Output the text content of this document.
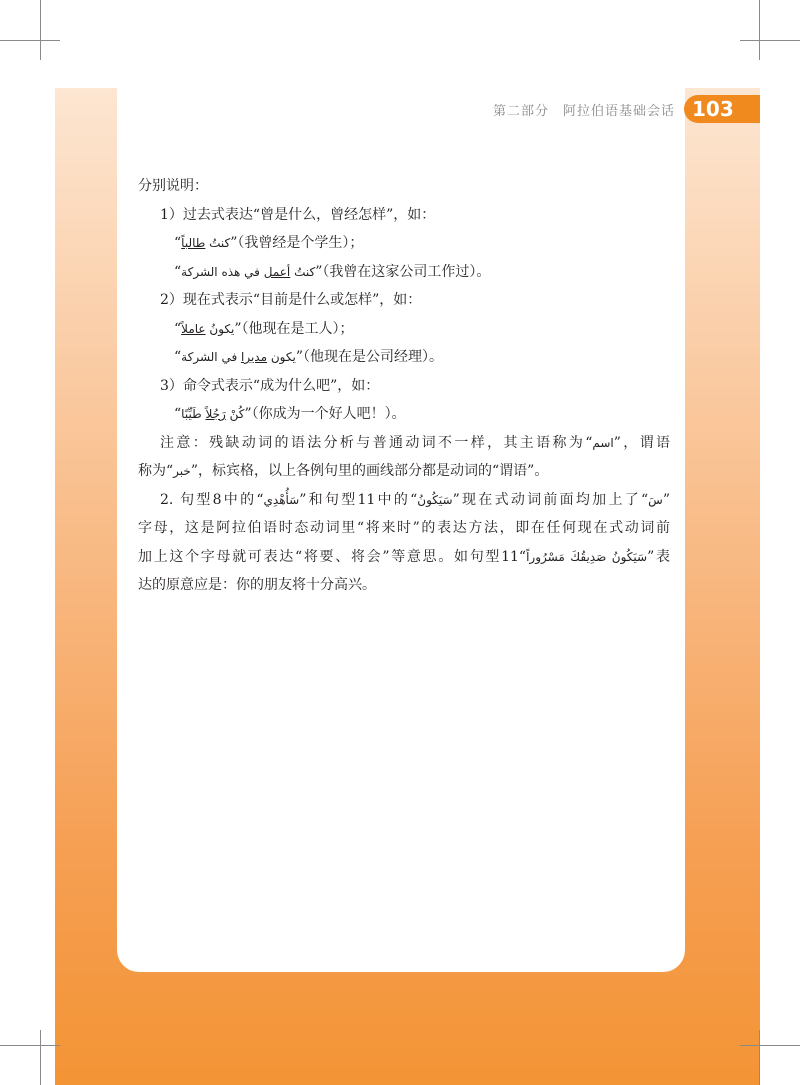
第二部分　阿拉伯语基础会话 103
分别说明：
1）过去式表达“曾是什么，曾经怎样”，如：
“ كنتُ طالباً ”（我曾经是个学生）；
“	كنتُ أعمل في هذه الشركة	”（我曾在这家公司工作过）。
2）现在式表示“目前是什么或怎样”，如：
“ يكونُ عاملاً ”（他现在是工人）；
“	يكون مديرا في الشركة	”（他现在是公司经理）。
3）命令式表示“成为什么吧”，如：
“	كُنْ رَجُلاً طَيِّبًا	”（你成为一个好人吧！）。
注意：残缺动词的语法分析与普通动词不一样，其主语称为“اسم”，谓语
称为“خبر”，标宾格，以上各例句里的画线部分都是动词的“谓语”。
2. 句型8中的“سَأُهْدِي”和句型11中的“سَيَكُونُ”现在式动词前面均加上了“سَ”
字母，这是阿拉伯语时态动词里“将来时”的表达方法，即在任何现在式动词前
加上这个字母就可表达“将要、将会”等意思。如句型11“سَيَكُونُ صَدِيقُكَ مَسْرُوراً”表
达的原意应是：你的朋友将十分高兴。
